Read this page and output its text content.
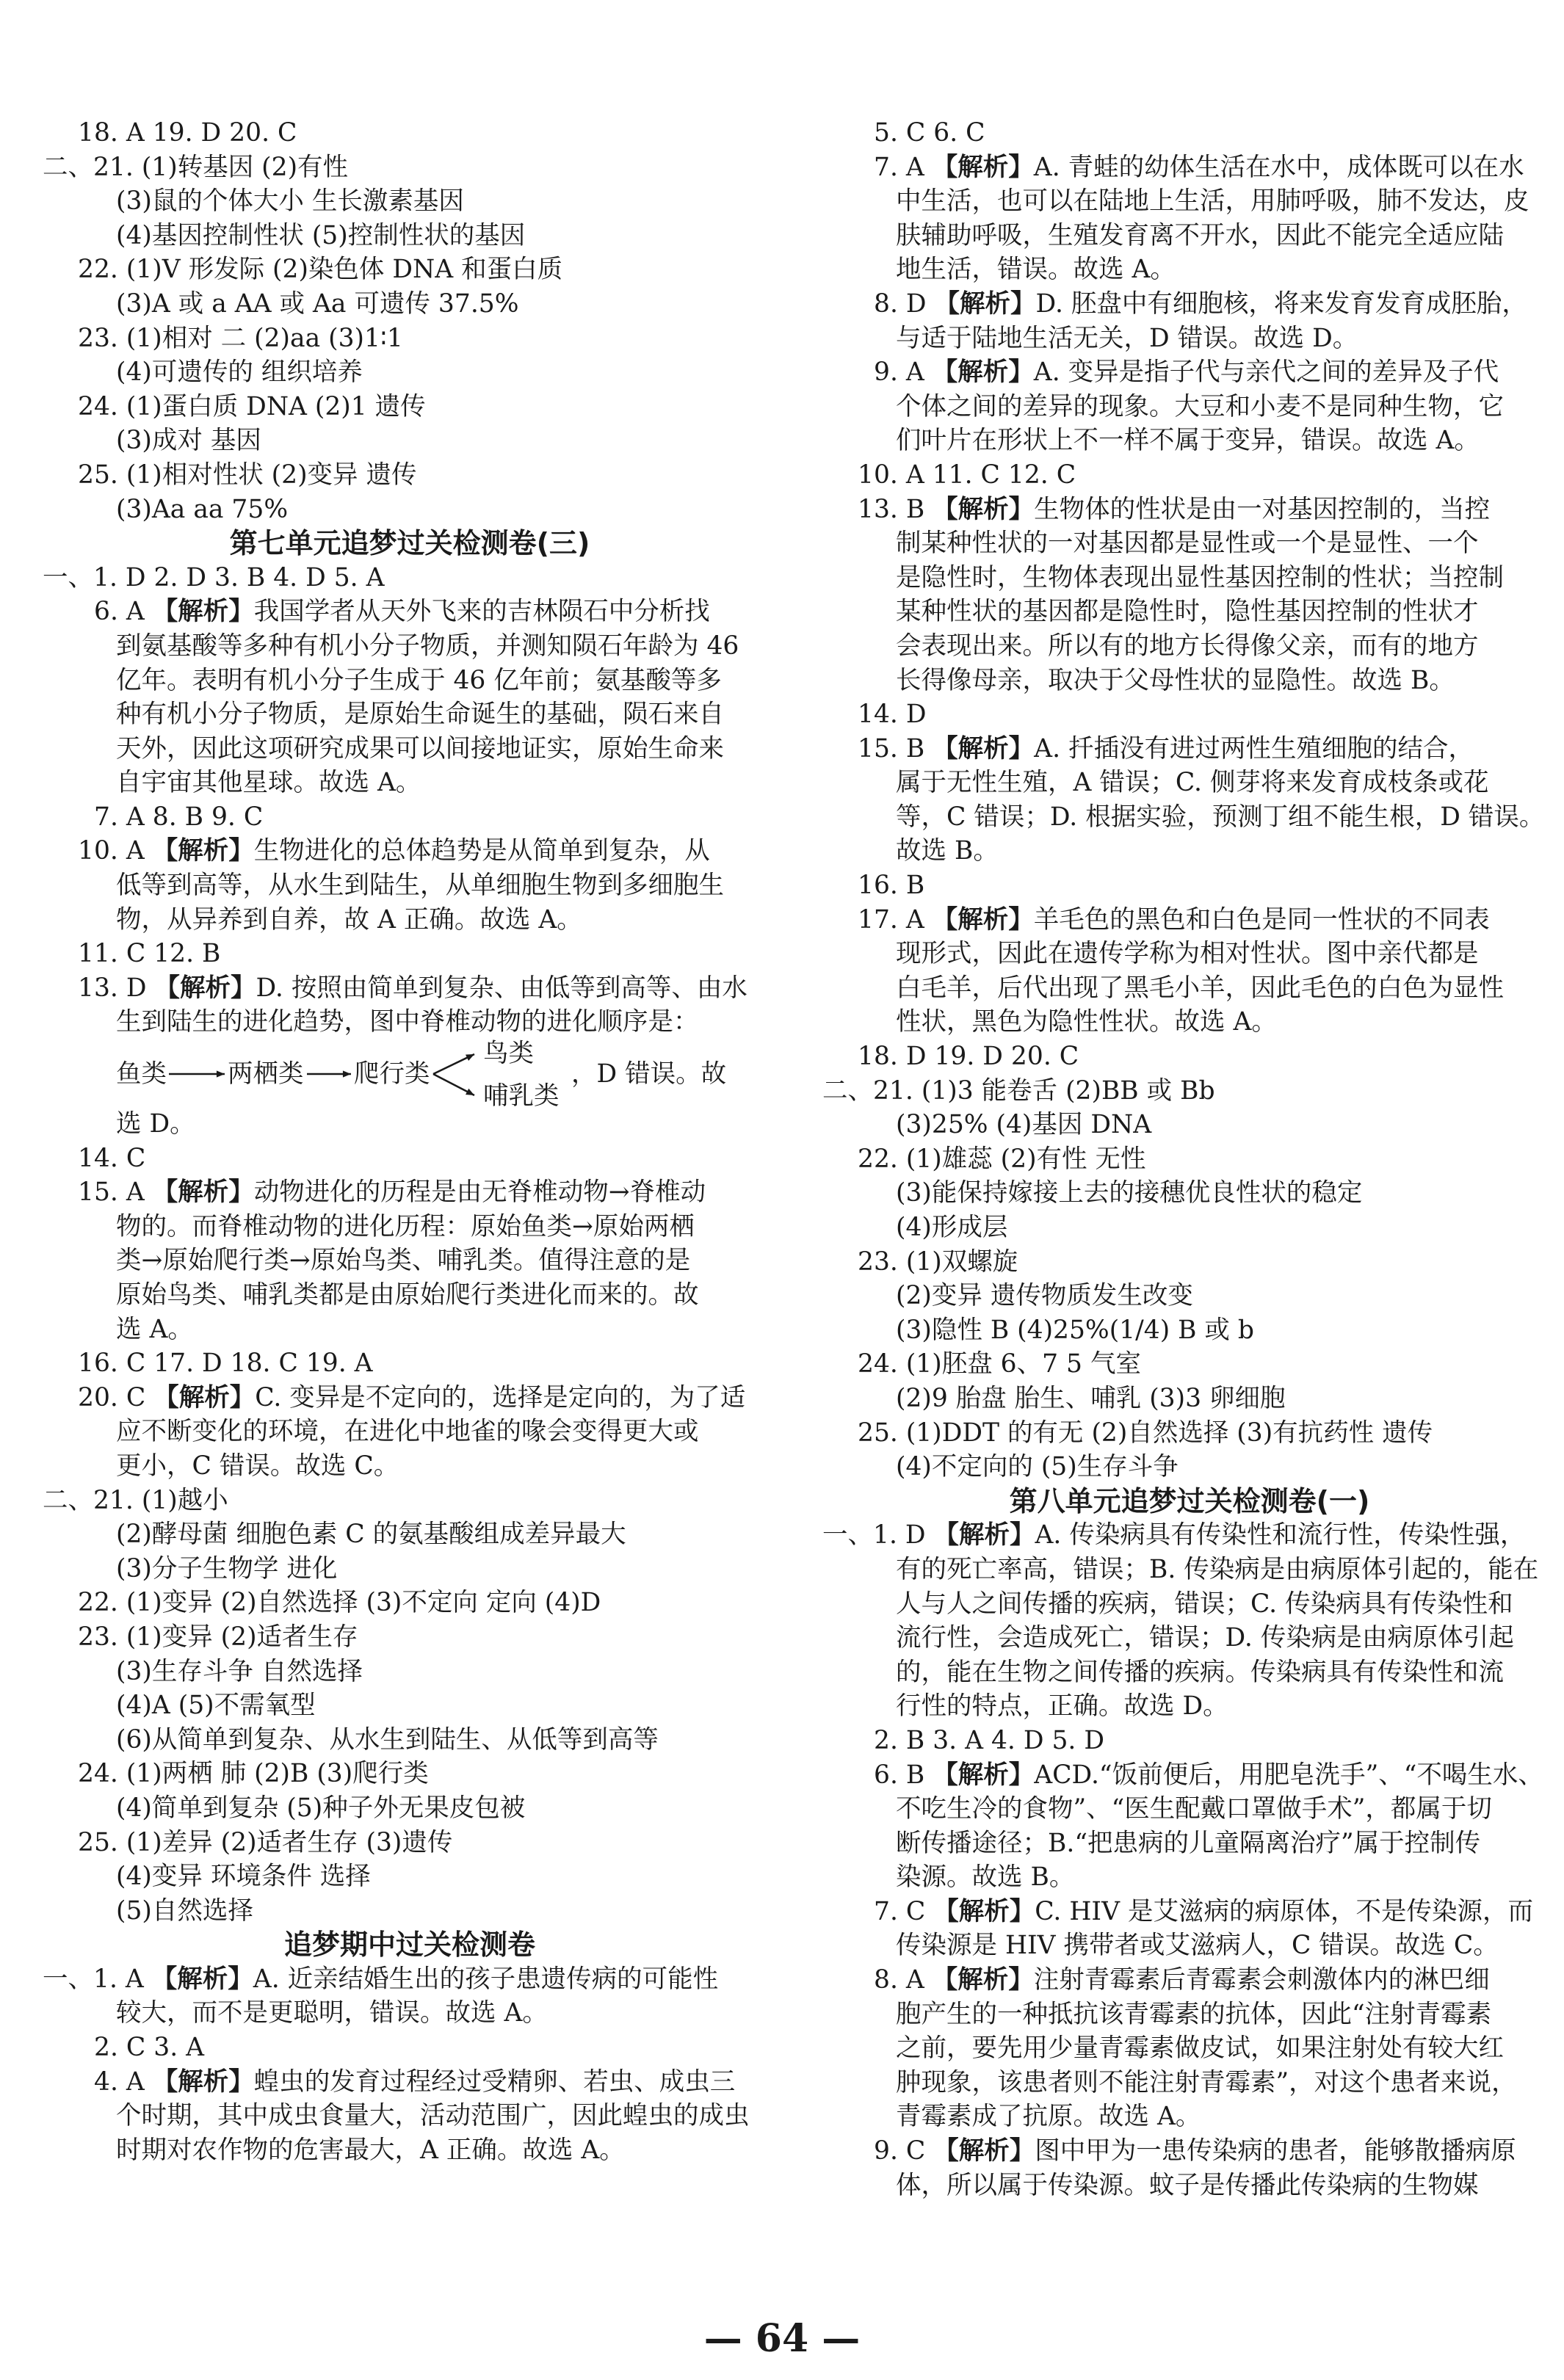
18. A 19. D 20. C
二、21. (1)转基因 (2)有性
(3)鼠的个体大小 生长激素基因
(4)基因控制性状 (5)控制性状的基因
22. (1)V 形发际 (2)染色体 DNA 和蛋白质
(3)A 或 a AA 或 Aa 可遗传 37.5%
23. (1)相对 二 (2)aa (3)1∶1
(4)可遗传的 组织培养
24. (1)蛋白质 DNA (2)1 遗传
(3)成对 基因
25. (1)相对性状 (2)变异 遗传
(3)Aa aa 75%
第七单元追梦过关检测卷(三)
一、1. D 2. D 3. B 4. D 5. A
6. A 【解析】我国学者从天外飞来的吉林陨石中分析找
到氨基酸等多种有机小分子物质，并测知陨石年龄为 46
亿年。表明有机小分子生成于 46 亿年前；氨基酸等多
种有机小分子物质，是原始生命诞生的基础，陨石来自
天外，因此这项研究成果可以间接地证实，原始生命来
自宇宙其他星球。故选 A。
7. A 8. B 9. C
10. A 【解析】生物进化的总体趋势是从简单到复杂，从
低等到高等，从水生到陆生，从单细胞生物到多细胞生
物，从异养到自养，故 A 正确。故选 A。
11. C 12. B
13. D 【解析】D. 按照由简单到复杂、由低等到高等、由水
生到陆生的进化趋势，图中脊椎动物的进化顺序是：
鱼类 两栖类 爬行类
鸟类
哺乳类
，D 错误。故
选 D。
14. C
15. A 【解析】动物进化的历程是由无脊椎动物→脊椎动
物的。而脊椎动物的进化历程：原始鱼类→原始两栖
类→原始爬行类→原始鸟类、哺乳类。值得注意的是
原始鸟类、哺乳类都是由原始爬行类进化而来的。故
选 A。
16. C 17. D 18. C 19. A
20. C 【解析】C. 变异是不定向的，选择是定向的，为了适
应不断变化的环境，在进化中地雀的喙会变得更大或
更小，C 错误。故选 C。
二、21. (1)越小
(2)酵母菌 细胞色素 C 的氨基酸组成差异最大
(3)分子生物学 进化
22. (1)变异 (2)自然选择 (3)不定向 定向 (4)D
23. (1)变异 (2)适者生存
(3)生存斗争 自然选择
(4)A (5)不需氧型
(6)从简单到复杂、从水生到陆生、从低等到高等
24. (1)两栖 肺 (2)B (3)爬行类
(4)简单到复杂 (5)种子外无果皮包被
25. (1)差异 (2)适者生存 (3)遗传
(4)变异 环境条件 选择
(5)自然选择
追梦期中过关检测卷
一、1. A 【解析】A. 近亲结婚生出的孩子患遗传病的可能性
较大，而不是更聪明，错误。故选 A。
2. C 3. A
4. A 【解析】蝗虫的发育过程经过受精卵、若虫、成虫三
个时期，其中成虫食量大，活动范围广，因此蝗虫的成虫
时期对农作物的危害最大，A 正确。故选 A。
5. C 6. C
7. A 【解析】A. 青蛙的幼体生活在水中，成体既可以在水
中生活，也可以在陆地上生活，用肺呼吸，肺不发达，皮
肤辅助呼吸，生殖发育离不开水，因此不能完全适应陆
地生活，错误。故选 A。
8. D 【解析】D. 胚盘中有细胞核，将来发育发育成胚胎，
与适于陆地生活无关，D 错误。故选 D。
9. A 【解析】A. 变异是指子代与亲代之间的差异及子代
个体之间的差异的现象。大豆和小麦不是同种生物，它
们叶片在形状上不一样不属于变异，错误。故选 A。
10. A 11. C 12. C
13. B 【解析】生物体的性状是由一对基因控制的，当控
制某种性状的一对基因都是显性或一个是显性、一个
是隐性时，生物体表现出显性基因控制的性状；当控制
某种性状的基因都是隐性时，隐性基因控制的性状才
会表现出来。所以有的地方长得像父亲，而有的地方
长得像母亲，取决于父母性状的显隐性。故选 B。
14. D
15. B 【解析】A. 扦插没有进过两性生殖细胞的结合，
属于无性生殖，A 错误；C. 侧芽将来发育成枝条或花
等，C 错误；D. 根据实验，预测丁组不能生根，D 错误。
故选 B。
16. B
17. A 【解析】羊毛色的黑色和白色是同一性状的不同表
现形式，因此在遗传学称为相对性状。图中亲代都是
白毛羊，后代出现了黑毛小羊，因此毛色的白色为显性
性状，黑色为隐性性状。故选 A。
18. D 19. D 20. C
二、21. (1)3 能卷舌 (2)BB 或 Bb
(3)25% (4)基因 DNA
22. (1)雄蕊 (2)有性 无性
(3)能保持嫁接上去的接穗优良性状的稳定
(4)形成层
23. (1)双螺旋
(2)变异 遗传物质发生改变
(3)隐性 B (4)25%(1/4) B 或 b
24. (1)胚盘 6、7 5 气室
(2)9 胎盘 胎生、哺乳 (3)3 卵细胞
25. (1)DDT 的有无 (2)自然选择 (3)有抗药性 遗传
(4)不定向的 (5)生存斗争
第八单元追梦过关检测卷(一)
一、1. D 【解析】A. 传染病具有传染性和流行性，传染性强，
有的死亡率高，错误；B. 传染病是由病原体引起的，能在
人与人之间传播的疾病，错误；C. 传染病具有传染性和
流行性，会造成死亡，错误；D. 传染病是由病原体引起
的，能在生物之间传播的疾病。传染病具有传染性和流
行性的特点，正确。故选 D。
2. B 3. A 4. D 5. D
6. B 【解析】ACD.“饭前便后，用肥皂洗手”、“不喝生水、
不吃生冷的食物”、“医生配戴口罩做手术”，都属于切
断传播途径；B.“把患病的儿童隔离治疗”属于控制传
染源。故选 B。
7. C 【解析】C. HIV 是艾滋病的病原体，不是传染源，而
传染源是 HIV 携带者或艾滋病人，C 错误。故选 C。
8. A 【解析】注射青霉素后青霉素会刺激体内的淋巴细
胞产生的一种抵抗该青霉素的抗体，因此“注射青霉素
之前，要先用少量青霉素做皮试，如果注射处有较大红
肿现象，该患者则不能注射青霉素”，对这个患者来说，
青霉素成了抗原。故选 A。
9. C 【解析】图中甲为一患传染病的患者，能够散播病原
体，所以属于传染源。蚊子是传播此传染病的生物媒
— 64 —
